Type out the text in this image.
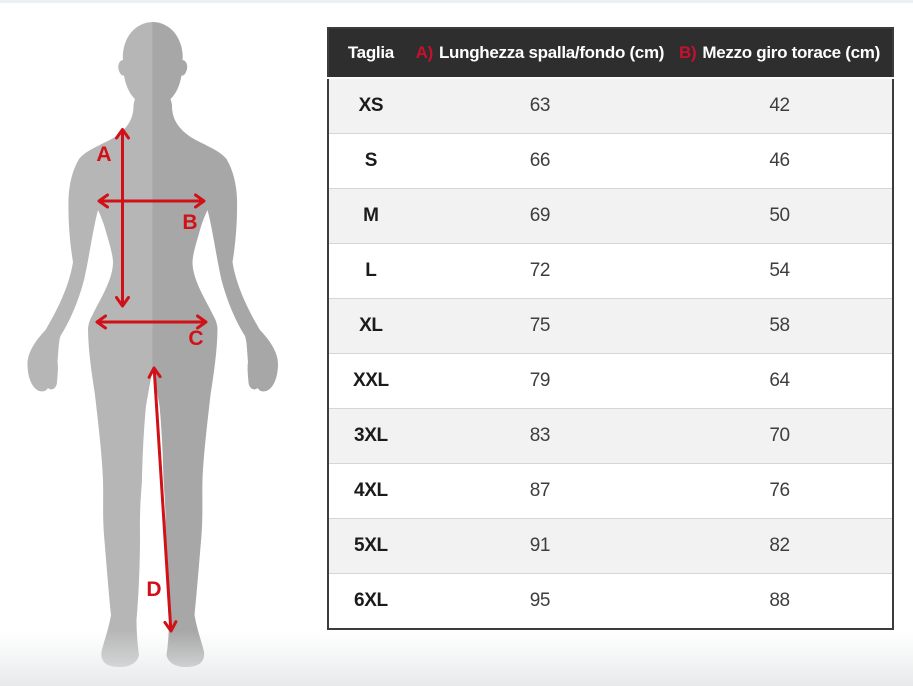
A
B
C
D
Taglia	A) Lunghezza spalla/fondo (cm)	B) Mezzo giro torace (cm)
XS	63	42
S	66	46
M	69	50
L	72	54
XL	75	58
XXL	79	64
3XL	83	70
4XL	87	76
5XL	91	82
6XL	95	88
